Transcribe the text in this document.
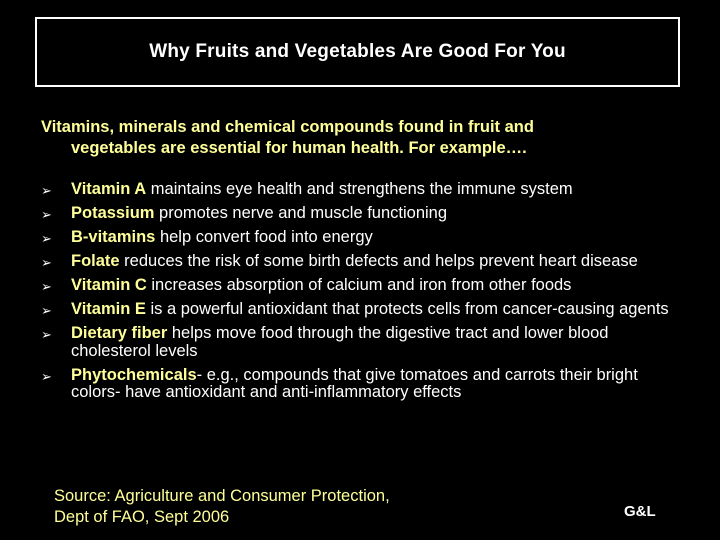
Why Fruits and Vegetables Are Good For You
Vitamins, minerals and chemical compounds found in fruit and
vegetables are essential for human health. For example….
➢ Vitamin A maintains eye health and strengthens the immune system
➢ Potassium promotes nerve and muscle functioning
➢ B-vitamins help convert food into energy
➢ Folate reduces the risk of some birth defects and helps prevent heart disease
➢ Vitamin C increases absorption of calcium and iron from other foods
➢ Vitamin E is a powerful antioxidant that protects cells from cancer-causing agents
➢ Dietary fiber helps move food through the digestive tract and lower blood cholesterol levels
➢ Phytochemicals- e.g., compounds that give tomatoes and carrots their bright colors- have antioxidant and anti-inflammatory effects
Source: Agriculture and Consumer Protection,
Dept of FAO, Sept 2006	G&L
